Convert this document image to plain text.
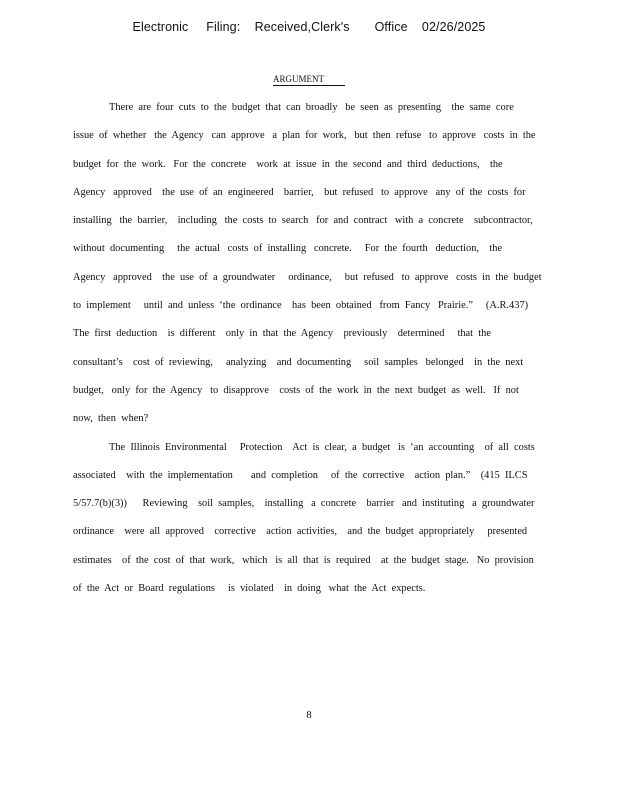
Electronic     Filing:    Received,Clerk's       Office    02/26/2025
ARGUMENT
There  are  four  cuts  to  the  budget  that  can  broadly   be  seen  as  presenting    the  same  core
issue  of  whether   the  Agency   can  approve   a  plan  for  work,   but  then  refuse   to  approve   costs  in  the
budget  for  the  work.   For  the  concrete    work  at  issue  in  the  second  and  third  deductions,    the
Agency   approved    the  use  of  an  engineered    barrier,    but  refused   to  approve   any  of  the  costs  for
installing   the  barrier,    including   the  costs  to  search   for  and  contract   with  a  concrete    subcontractor,
without  documenting     the  actual   costs  of  installing   concrete.     For  the  fourth   deduction,    the
Agency   approved    the  use  of  a  groundwater     ordinance,     but  refused   to  approve   costs  in  the  budget
to  implement     until  and  unless  ‘the  ordinance    has  been  obtained   from  Fancy   Prairie.”     (A.R.437)
The  first  deduction    is  different    only  in  that  the  Agency    previously    determined     that  the
consultant’s    cost  of  reviewing,     analyzing    and  documenting     soil  samples   belonged    in  the  next
budget,   only  for  the  Agency   to  disapprove    costs  of  the  work  in  the  next  budget  as  well.   If  not
now,  then  when?
The  Illinois  Environmental     Protection    Act  is  clear,  a  budget   is  ‘an  accounting    of  all  costs
associated    with  the  implementation       and  completion     of  the  corrective    action  plan.”    (415  ILCS
5/57.7(b)(3))      Reviewing    soil  samples,    installing   a  concrete    barrier   and  instituting   a  groundwater
ordinance    were  all  approved    corrective    action  activities,    and  the  budget  appropriately     presented
estimates    of  the  cost  of  that  work,   which   is  all  that  is  required    at  the  budget  stage.   No  provision
of  the  Act  or  Board  regulations     is  violated    in  doing   what  the  Act  expects.
8
